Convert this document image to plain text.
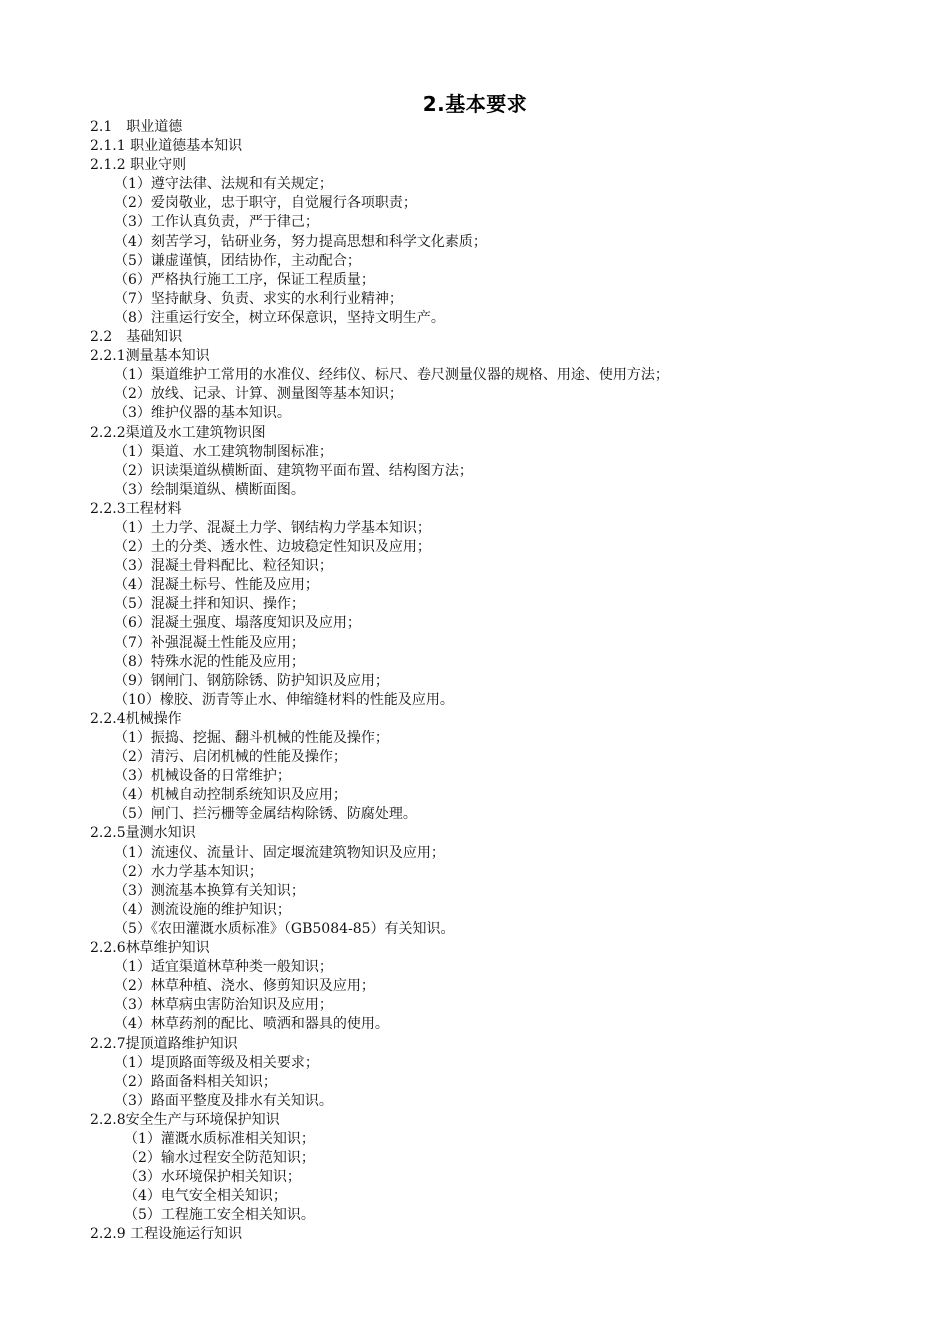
2.基本要求
2.1　职业道德
2.1.1 职业道德基本知识
2.1.2 职业守则
（1）遵守法律、法规和有关规定；
（2）爱岗敬业，忠于职守，自觉履行各项职责；
（3）工作认真负责，严于律己；
（4）刻苦学习，钻研业务，努力提高思想和科学文化素质；
（5）谦虚谨慎，团结协作，主动配合；
（6）严格执行施工工序，保证工程质量；
（7）坚持献身、负责、求实的水利行业精神；
（8）注重运行安全，树立环保意识，坚持文明生产。
2.2　基础知识
2.2.1测量基本知识
（1）渠道维护工常用的水准仪、经纬仪、标尺、卷尺测量仪器的规格、用途、使用方法；
（2）放线、记录、计算、测量图等基本知识；
（3）维护仪器的基本知识。
2.2.2渠道及水工建筑物识图
（1）渠道、水工建筑物制图标准；
（2）识读渠道纵横断面、建筑物平面布置、结构图方法；
（3）绘制渠道纵、横断面图。
2.2.3工程材料
（1）土力学、混凝土力学、钢结构力学基本知识；
（2）土的分类、透水性、边坡稳定性知识及应用；
（3）混凝土骨料配比、粒径知识；
（4）混凝土标号、性能及应用；
（5）混凝土拌和知识、操作；
（6）混凝土强度、塌落度知识及应用；
（7）补强混凝土性能及应用；
（8）特殊水泥的性能及应用；
（9）钢闸门、钢筋除锈、防护知识及应用；
（10）橡胶、沥青等止水、伸缩缝材料的性能及应用。
2.2.4机械操作
（1）振捣、挖掘、翻斗机械的性能及操作；
（2）清污、启闭机械的性能及操作；
（3）机械设备的日常维护；
（4）机械自动控制系统知识及应用；
（5）闸门、拦污栅等金属结构除锈、防腐处理。
2.2.5量测水知识
（1）流速仪、流量计、固定堰流建筑物知识及应用；
（2）水力学基本知识；
（3）测流基本换算有关知识；
（4）测流设施的维护知识；
（5）《农田灌溉水质标准》（GB5084-85）有关知识。
2.2.6林草维护知识
（1）适宜渠道林草种类一般知识；
（2）林草种植、浇水、修剪知识及应用；
（3）林草病虫害防治知识及应用；
（4）林草药剂的配比、喷洒和器具的使用。
2.2.7提顶道路维护知识
（1）堤顶路面等级及相关要求；
（2）路面备料相关知识；
（3）路面平整度及排水有关知识。
2.2.8安全生产与环境保护知识
（1）灌溉水质标准相关知识；
（2）输水过程安全防范知识；
（3）水环境保护相关知识；
（4）电气安全相关知识；
（5）工程施工安全相关知识。
2.2.9 工程设施运行知识
